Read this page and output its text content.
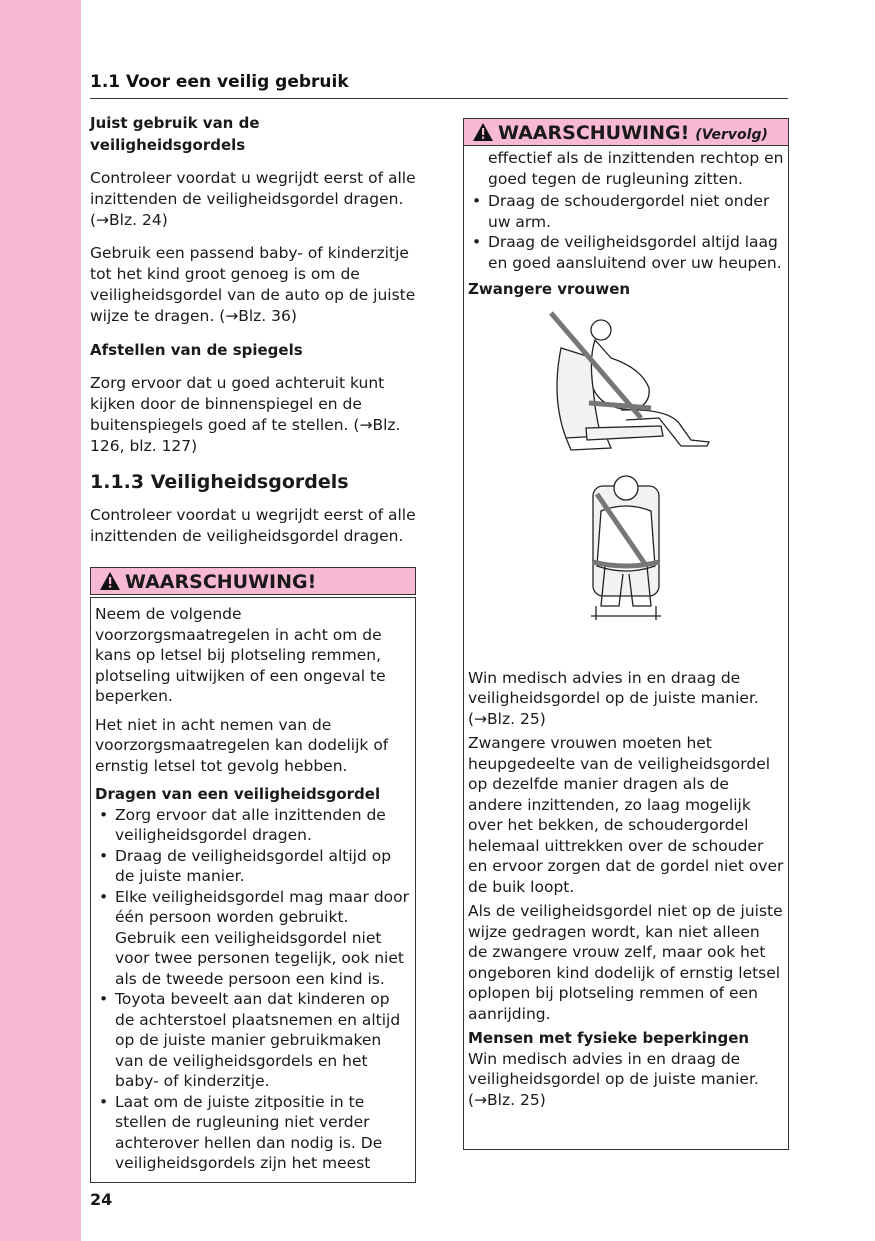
1.1 Voor een veilig gebruik
Juist gebruik van de veiligheidsgordels

Controleer voordat u wegrijdt eerst of alle inzittenden de veiligheidsgordel dragen. (→Blz. 24)

Gebruik een passend baby- of kinderzitje tot het kind groot genoeg is om de veiligheidsgordel van de auto op de juiste wijze te dragen. (→Blz. 36)

Afstellen van de spiegels

Zorg ervoor dat u goed achteruit kunt kijken door de binnenspiegel en de buitenspiegels goed af te stellen. (→Blz. 126, blz. 127)

1.1.3 Veiligheidsgordels

Controleer voordat u wegrijdt eerst of alle inzittenden de veiligheidsgordel dragen.

WAARSCHUWING!

Neem de volgende voorzorgsmaatregelen in acht om de kans op letsel bij plotseling remmen, plotseling uitwijken of een ongeval te beperken.

Het niet in acht nemen van de voorzorgsmaatregelen kan dodelijk of ernstig letsel tot gevolg hebben.

Dragen van een veiligheidsgordel
• Zorg ervoor dat alle inzittenden de veiligheidsgordel dragen.
• Draag de veiligheidsgordel altijd op de juiste manier.
• Elke veiligheidsgordel mag maar door één persoon worden gebruikt. Gebruik een veiligheidsgordel niet voor twee personen tegelijk, ook niet als de tweede persoon een kind is.
• Toyota beveelt aan dat kinderen op de achterstoel plaatsnemen en altijd op de juiste manier gebruikmaken van de veiligheidsgordels en het baby- of kinderzitje.
• Laat om de juiste zitpositie in te stellen de rugleuning niet verder achterover hellen dan nodig is. De veiligheidsgordels zijn het meest
WAARSCHUWING! (Vervolg)
effectief als de inzittenden rechtop en goed tegen de rugleuning zitten.
• Draag de schoudergordel niet onder uw arm.
• Draag de veiligheidsgordel altijd laag en goed aansluitend over uw heupen.
Zwangere vrouwen

Win medisch advies in en draag de veiligheidsgordel op de juiste manier. (→Blz. 25)

Zwangere vrouwen moeten het heupgedeelte van de veiligheidsgordel op dezelfde manier dragen als de andere inzittenden, zo laag mogelijk over het bekken, de schoudergordel helemaal uittrekken over de schouder en ervoor zorgen dat de gordel niet over de buik loopt.

Als de veiligheidsgordel niet op de juiste wijze gedragen wordt, kan niet alleen de zwangere vrouw zelf, maar ook het ongeboren kind dodelijk of ernstig letsel oplopen bij plotseling remmen of een aanrijding.

Mensen met fysieke beperkingen

Win medisch advies in en draag de veiligheidsgordel op de juiste manier. (→Blz. 25)

24
